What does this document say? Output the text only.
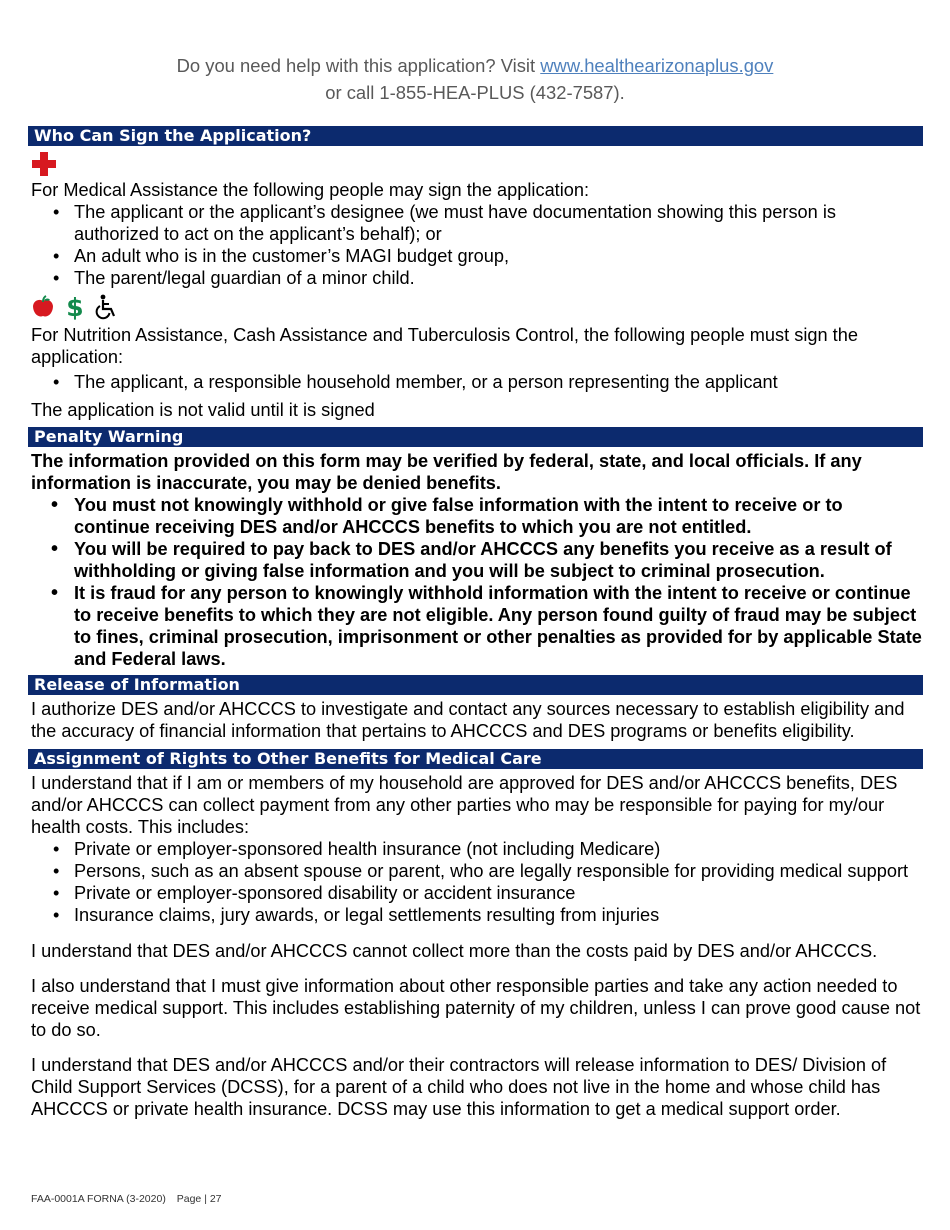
Do you need help with this application? Visit www.healthearizonaplus.gov
or call 1-855-HEA-PLUS (432-7587).
Who Can Sign the Application?

For Medical Assistance the following people may sign the application:

• The applicant or the applicant’s designee (we must have documentation showing this person is authorized to act on the applicant’s behalf); or
• An adult who is in the customer’s MAGI budget group,
• The parent/legal guardian of a minor child.
$

For Nutrition Assistance, Cash Assistance and Tuberculosis Control, the following people must sign the application:

• The applicant, a responsible household member, or a person representing the applicant

The application is not valid until it is signed

Penalty Warning

The information provided on this form may be verified by federal, state, and local officials. If any information is inaccurate, you may be denied benefits.

• You must not knowingly withhold or give false information with the intent to receive or to continue receiving DES and/or AHCCCS benefits to which you are not entitled.
• You will be required to pay back to DES and/or AHCCCS any benefits you receive as a result of withholding or giving false information and you will be subject to criminal prosecution.
• It is fraud for any person to knowingly withhold information with the intent to receive or continue to receive benefits to which they are not eligible. Any person found guilty of fraud may be subject to fines, criminal prosecution, imprisonment or other penalties as provided for by applicable State and Federal laws.
Release of Information

I authorize DES and/or AHCCCS to investigate and contact any sources necessary to establish eligibility and the accuracy of financial information that pertains to AHCCCS and DES programs or benefits eligibility.

Assignment of Rights to Other Benefits for Medical Care

I understand that if I am or members of my household are approved for DES and/or AHCCCS benefits, DES and/or AHCCCS can collect payment from any other parties who may be responsible for paying for my/our health costs. This includes:

• Private or employer-sponsored health insurance (not including Medicare)
• Persons, such as an absent spouse or parent, who are legally responsible for providing medical support
• Private or employer-sponsored disability or accident insurance
• Insurance claims, jury awards, or legal settlements resulting from injuries

I understand that DES and/or AHCCCS cannot collect more than the costs paid by DES and/or AHCCCS.

I also understand that I must give information about other responsible parties and take any action needed to receive medical support. This includes establishing paternity of my children, unless I can prove good cause not to do so.

I understand that DES and/or AHCCCS and/or their contractors will release information to DES/ Division of Child Support Services (DCSS), for a parent of a child who does not live in the home and whose child has AHCCCS or private health insurance. DCSS may use this information to get a medical support order.

FAA-0001A FORNA (3-2020) Page | 27
